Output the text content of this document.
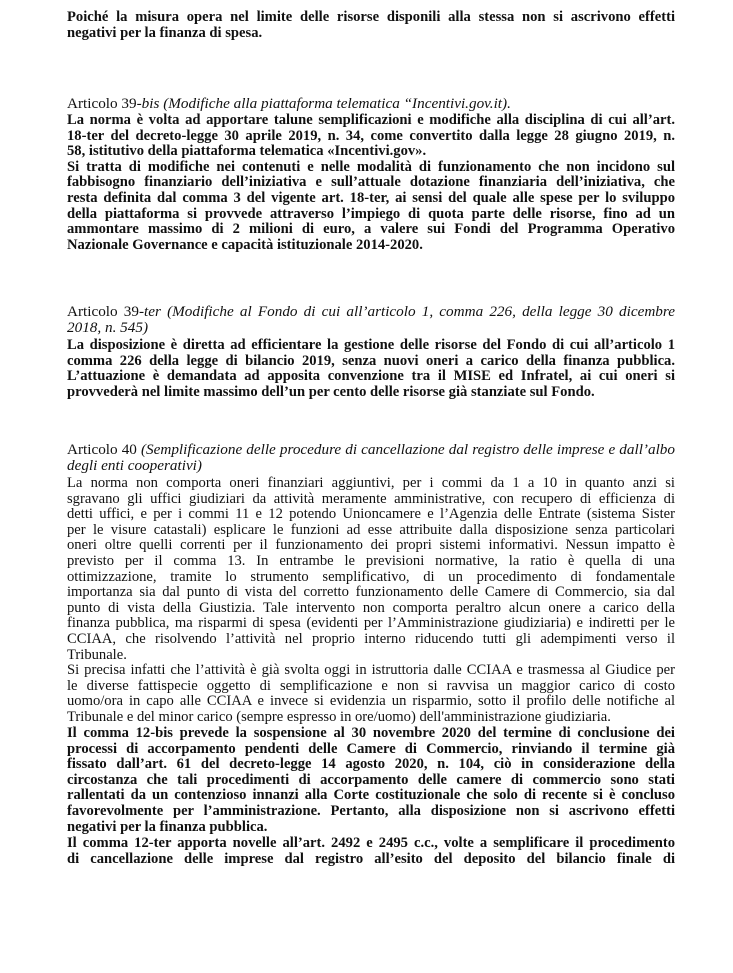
Poiché la misura opera nel limite delle risorse disponili alla stessa non si ascrivono effetti

negativi per la finanza di spesa.

Articolo 39-bis (Modifiche alla piattaforma telematica “Incentivi.gov.it).

La norma è volta ad apportare talune semplificazioni e modifiche alla disciplina di cui all’art.

18-ter del decreto-legge 30 aprile 2019, n. 34, come convertito dalla legge 28 giugno 2019, n.

58, istitutivo della piattaforma telematica «Incentivi.gov».

Si tratta di modifiche nei contenuti e nelle modalità di funzionamento che non incidono sul

fabbisogno finanziario dell’iniziativa e sull’attuale dotazione finanziaria dell’iniziativa, che

resta definita dal comma 3 del vigente art. 18-ter, ai sensi del quale alle spese per lo sviluppo

della piattaforma si provvede attraverso l’impiego di quota parte delle risorse, fino ad un

ammontare massimo di 2 milioni di euro, a valere sui Fondi del Programma Operativo

Nazionale Governance e capacità istituzionale 2014-2020.

Articolo 39-ter (Modifiche al Fondo di cui all’articolo 1, comma 226, della legge 30 dicembre

2018, n. 545)

La disposizione è diretta ad efficientare la gestione delle risorse del Fondo di cui all’articolo 1

comma 226 della legge di bilancio 2019, senza nuovi oneri a carico della finanza pubblica.

L’attuazione è demandata ad apposita convenzione tra il MISE ed Infratel, ai cui oneri si

provvederà nel limite massimo dell’un per cento delle risorse già stanziate sul Fondo.

Articolo 40 (Semplificazione delle procedure di cancellazione dal registro delle imprese e dall’albo

degli enti cooperativi)

La norma non comporta oneri finanziari aggiuntivi, per i commi da 1 a 10 in quanto anzi si

sgravano gli uffici giudiziari da attività meramente amministrative, con recupero di efficienza di

detti uffici, e per i commi 11 e 12 potendo Unioncamere e l’Agenzia delle Entrate (sistema Sister

per le visure catastali) esplicare le funzioni ad esse attribuite dalla disposizione senza particolari

oneri oltre quelli correnti per il funzionamento dei propri sistemi informativi. Nessun impatto è

previsto per il comma 13. In entrambe le previsioni normative, la ratio è quella di una

ottimizzazione, tramite lo strumento semplificativo, di un procedimento di fondamentale

importanza sia dal punto di vista del corretto funzionamento delle Camere di Commercio, sia dal

punto di vista della Giustizia. Tale intervento non comporta peraltro alcun onere a carico della

finanza pubblica, ma risparmi di spesa (evidenti per l’Amministrazione giudiziaria) e indiretti per le

CCIAA, che risolvendo l’attività nel proprio interno riducendo tutti gli adempimenti verso il

Tribunale.

Si precisa infatti che l’attività è già svolta oggi in istruttoria dalle CCIAA e trasmessa al Giudice per

le diverse fattispecie oggetto di semplificazione e non si ravvisa un maggior carico di costo

uomo/ora in capo alle CCIAA e invece si evidenzia un risparmio, sotto il profilo delle notifiche al

Tribunale e del minor carico (sempre espresso in ore/uomo) dell'amministrazione giudiziaria.

Il comma 12-bis prevede la sospensione al 30 novembre 2020 del termine di conclusione dei

processi di accorpamento pendenti delle Camere di Commercio, rinviando il termine già

fissato dall’art. 61 del decreto-legge 14 agosto 2020, n. 104, ciò in considerazione della

circostanza che tali procedimenti di accorpamento delle camere di commercio sono stati

rallentati da un contenzioso innanzi alla Corte costituzionale che solo di recente si è concluso

favorevolmente per l’amministrazione. Pertanto, alla disposizione non si ascrivono effetti

negativi per la finanza pubblica.

Il comma 12-ter apporta novelle all’art. 2492 e 2495 c.c., volte a semplificare il procedimento

di cancellazione delle imprese dal registro all’esito del deposito del bilancio finale di
